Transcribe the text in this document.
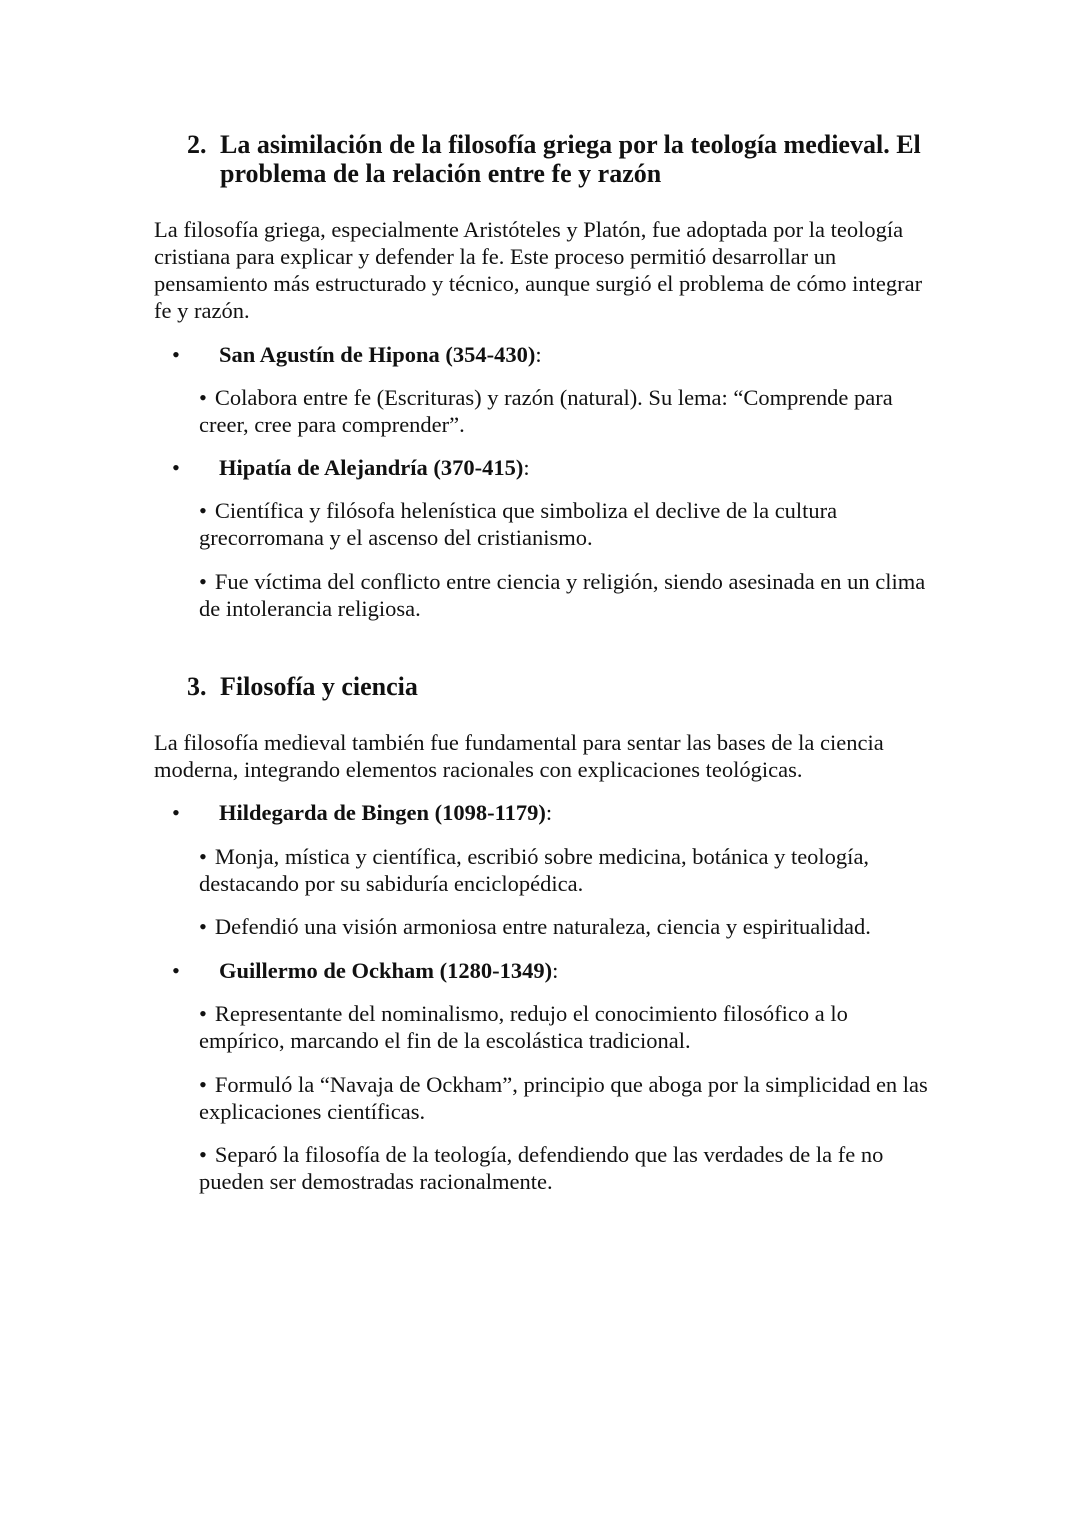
2. La asimilación de la filosofía griega por la teología medieval. El problema de la relación entre fe y razón

La filosofía griega, especialmente Aristóteles y Platón, fue adoptada por la teología cristiana para explicar y defender la fe. Este proceso permitió desarrollar un pensamiento más estructurado y técnico, aunque surgió el problema de cómo integrar fe y razón.

• San Agustín de Hipona (354-430):

• Colabora entre fe (Escrituras) y razón (natural). Su lema: “Comprende para creer, cree para comprender”.

• Hipatía de Alejandría (370-415):

• Científica y filósofa helenística que simboliza el declive de la cultura grecorromana y el ascenso del cristianismo.

• Fue víctima del conflicto entre ciencia y religión, siendo asesinada en un clima de intolerancia religiosa.

3. Filosofía y ciencia

La filosofía medieval también fue fundamental para sentar las bases de la ciencia moderna, integrando elementos racionales con explicaciones teológicas.

• Hildegarda de Bingen (1098-1179):

• Monja, mística y científica, escribió sobre medicina, botánica y teología, destacando por su sabiduría enciclopédica.

• Defendió una visión armoniosa entre naturaleza, ciencia y espiritualidad.

• Guillermo de Ockham (1280-1349):

• Representante del nominalismo, redujo el conocimiento filosófico a lo empírico, marcando el fin de la escolástica tradicional.

• Formuló la “Navaja de Ockham”, principio que aboga por la simplicidad en las explicaciones científicas.

• Separó la filosofía de la teología, defendiendo que las verdades de la fe no pueden ser demostradas racionalmente.
